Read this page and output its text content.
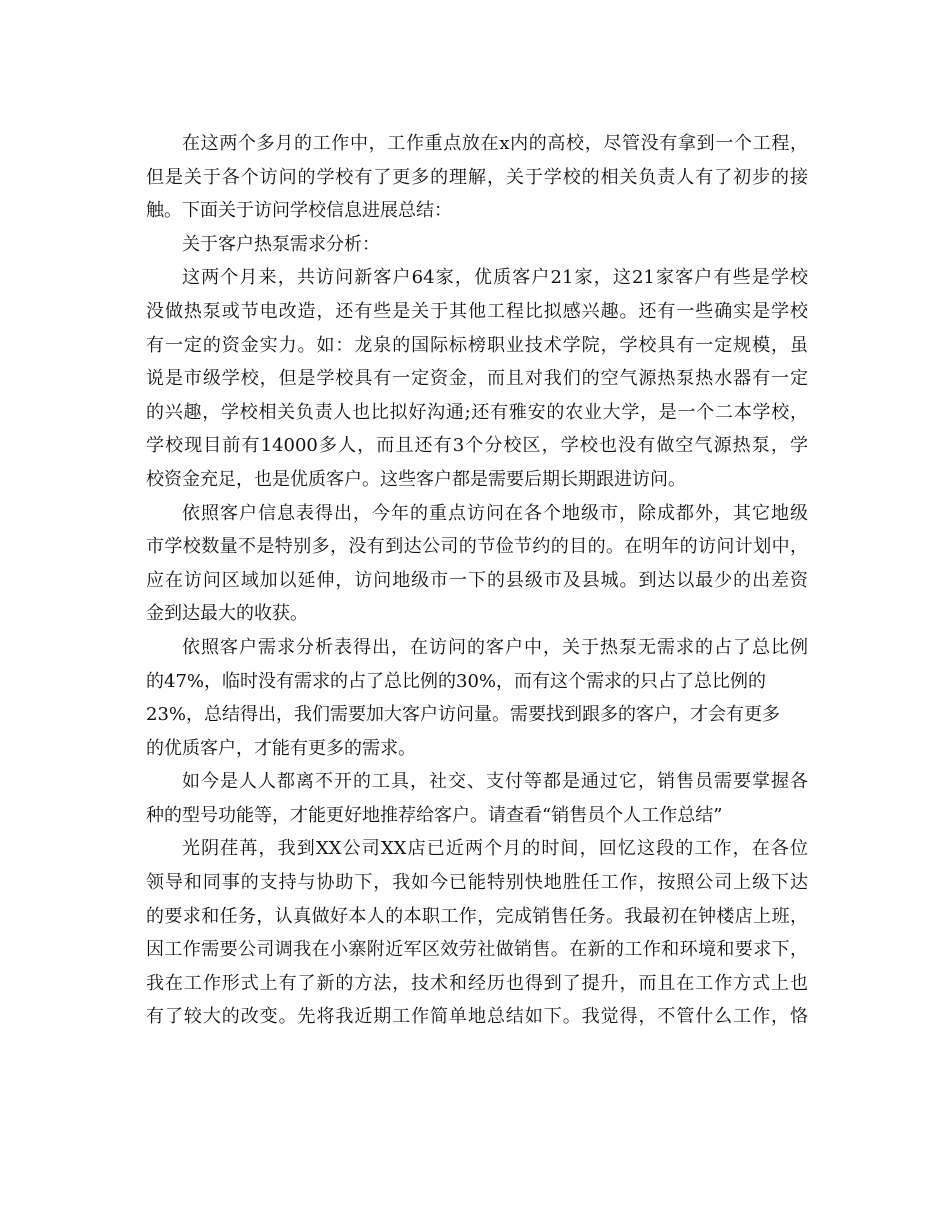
在这两个多月的工作中，工作重点放在x内的高校，尽管没有拿到一个工程，
但是关于各个访问的学校有了更多的理解，关于学校的相关负责人有了初步的接
触。下面关于访问学校信息进展总结：
关于客户热泵需求分析：
这两个月来，共访问新客户64家，优质客户21家，这21家客户有些是学校
没做热泵或节电改造，还有些是关于其他工程比拟感兴趣。还有一些确实是学校
有一定的资金实力。如：龙泉的国际标榜职业技术学院，学校具有一定规模，虽
说是市级学校，但是学校具有一定资金，而且对我们的空气源热泵热水器有一定
的兴趣，学校相关负责人也比拟好沟通;还有雅安的农业大学，是一个二本学校，
学校现目前有14000多人，而且还有3个分校区，学校也没有做空气源热泵，学
校资金充足，也是优质客户。这些客户都是需要后期长期跟进访问。
依照客户信息表得出，今年的重点访问在各个地级市，除成都外，其它地级
市学校数量不是特别多，没有到达公司的节俭节约的目的。在明年的访问计划中，
应在访问区域加以延伸，访问地级市一下的县级市及县城。到达以最少的出差资
金到达最大的收获。
依照客户需求分析表得出，在访问的客户中，关于热泵无需求的占了总比例
的47%，临时没有需求的占了总比例的30%，而有这个需求的只占了总比例的
23%，总结得出，我们需要加大客户访问量。需要找到跟多的客户，才会有更多
的优质客户，才能有更多的需求。
如今是人人都离不开的工具，社交、支付等都是通过它，销售员需要掌握各
种的型号功能等，才能更好地推荐给客户。请查看“销售员个人工作总结”
光阴荏苒，我到XX公司XX店已近两个月的时间，回忆这段的工作，在各位
领导和同事的支持与协助下，我如今已能特别快地胜任工作，按照公司上级下达
的要求和任务，认真做好本人的本职工作，完成销售任务。我最初在钟楼店上班，
因工作需要公司调我在小寨附近军区效劳社做销售。在新的工作和环境和要求下，
我在工作形式上有了新的方法，技术和经历也得到了提升，而且在工作方式上也
有了较大的改变。先将我近期工作简单地总结如下。我觉得，不管什么工作，恪
